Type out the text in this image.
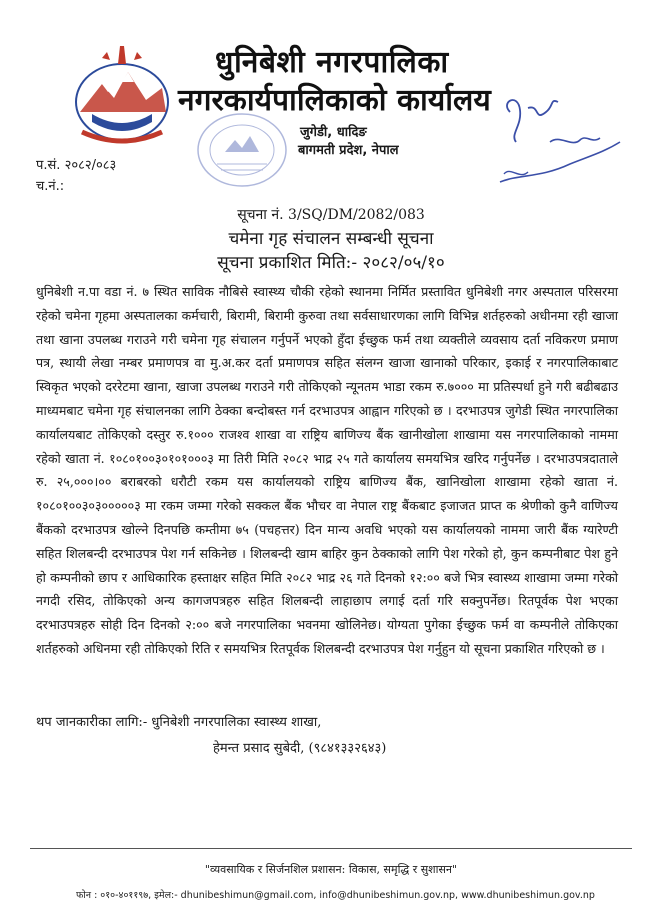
धुनिबेशी नगरपालिका
नगरकार्यपालिकाको कार्यालय
जुगेडी, धादिङ
बागमती प्रदेश, नेपाल
प.सं. २०८२/०८३
च.नं.:
सूचना नं. 3/SQ/DM/2082/083
चमेना गृह संचालन सम्बन्धी सूचना
सूचना प्रकाशित मिति:- २०८२/०५/१०

धुनिबेशी न.पा वडा नं. ७ स्थित साविक नौबिसे स्वास्थ्य चौकी रहेको स्थानमा निर्मित प्रस्तावित धुनिबेशी नगर अस्पताल परिसरमा रहेको चमेना गृहमा अस्पतालका कर्मचारी, बिरामी, बिरामी कुरुवा तथा सर्वसाधारणका लागि विभिन्न शर्तहरुको अधीनमा रही खाजा तथा खाना उपलब्ध गराउने गरी चमेना गृह संचालन गर्नुपर्ने भएको हुँदा ईच्छुक फर्म तथा व्यक्तीले व्यवसाय दर्ता नविकरण प्रमाण पत्र, स्थायी लेखा नम्बर प्रमाणपत्र वा मु.अ.कर दर्ता प्रमाणपत्र सहित संलग्न खाजा खानाको परिकार, इकाई र नगरपालिकाबाट स्विकृत भएको दररेटमा खाना, खाजा उपलब्ध गराउने गरी तोकिएको न्यूनतम भाडा रकम रु.७००० मा प्रतिस्पर्धा हुने गरी बढीबढाउ माध्यमबाट चमेना गृह संचालनका लागि ठेक्का बन्दोबस्त गर्न दरभाउपत्र आह्वान गरिएको छ । दरभाउपत्र जुगेडी स्थित नगरपालिका कार्यालयबाट तोकिएको दस्तुर रु.१००० राजश्व शाखा वा राष्ट्रिय बाणिज्य बैंक खानीखोला शाखामा यस नगरपालिकाको नाममा रहेको खाता नं. १०८०१००३०१०१०००३ मा तिरी मिति २०८२ भाद्र २५ गते कार्यालय समयभित्र खरिद गर्नुपर्नेछ । दरभाउपत्रदाताले रु. २५,०००।०० बराबरको धरौटी रकम यस कार्यालयको राष्ट्रिय बाणिज्य बैंक, खानिखोला शाखामा रहेको खाता नं. १०८०१००३०३०००००३ मा रकम जम्मा गरेको सक्कल बैंक भौचर वा नेपाल राष्ट्र बैंकबाट इजाजत प्राप्त क श्रेणीको कुनै वाणिज्य बैंकको दरभाउपत्र खोल्ने दिनपछि कम्तीमा ७५ (पचहत्तर) दिन मान्य अवधि भएको यस कार्यालयको नाममा जारी बैंक ग्यारेण्टी सहित शिलबन्दी दरभाउपत्र पेश गर्न सकिनेछ । शिलबन्दी खाम बाहिर कुन ठेक्काको लागि पेश गरेको हो, कुन कम्पनीबाट पेश हुने हो कम्पनीको छाप र आधिकारिक हस्ताक्षर सहित मिति २०८२ भाद्र २६ गते दिनको १२:०० बजे भित्र स्वास्थ्य शाखामा जम्मा गरेको नगदी रसिद, तोकिएको अन्य कागजपत्रहरु सहित शिलबन्दी लाहाछाप लगाई दर्ता गरि सक्नुपर्नेछ। रितपूर्वक पेश भएका दरभाउपत्रहरु सोही दिन दिनको २:०० बजे नगरपालिका भवनमा खोलिनेछ। योग्यता पुगेका ईच्छुक फर्म वा कम्पनीले तोकिएका शर्तहरुको अधिनमा रही तोकिएको रिति र समयभित्र रितपूर्वक शिलबन्दी दरभाउपत्र पेश गर्नुहुन यो सूचना प्रकाशित गरिएको छ ।

थप जानकारीका लागि:- धुनिबेशी नगरपालिका स्वास्थ्य शाखा,
हेमन्त प्रसाद सुबेदी, (९८४१३३२६४३)
"व्यवसायिक र सिर्जनशिल प्रशासन: विकास, समृद्धि र सुशासन"
फोन : ०१०-४०११९७, इमेल:- dhunibeshimun@gmail.com, info@dhunibeshimun.gov.np, www.dhunibeshimun.gov.np
